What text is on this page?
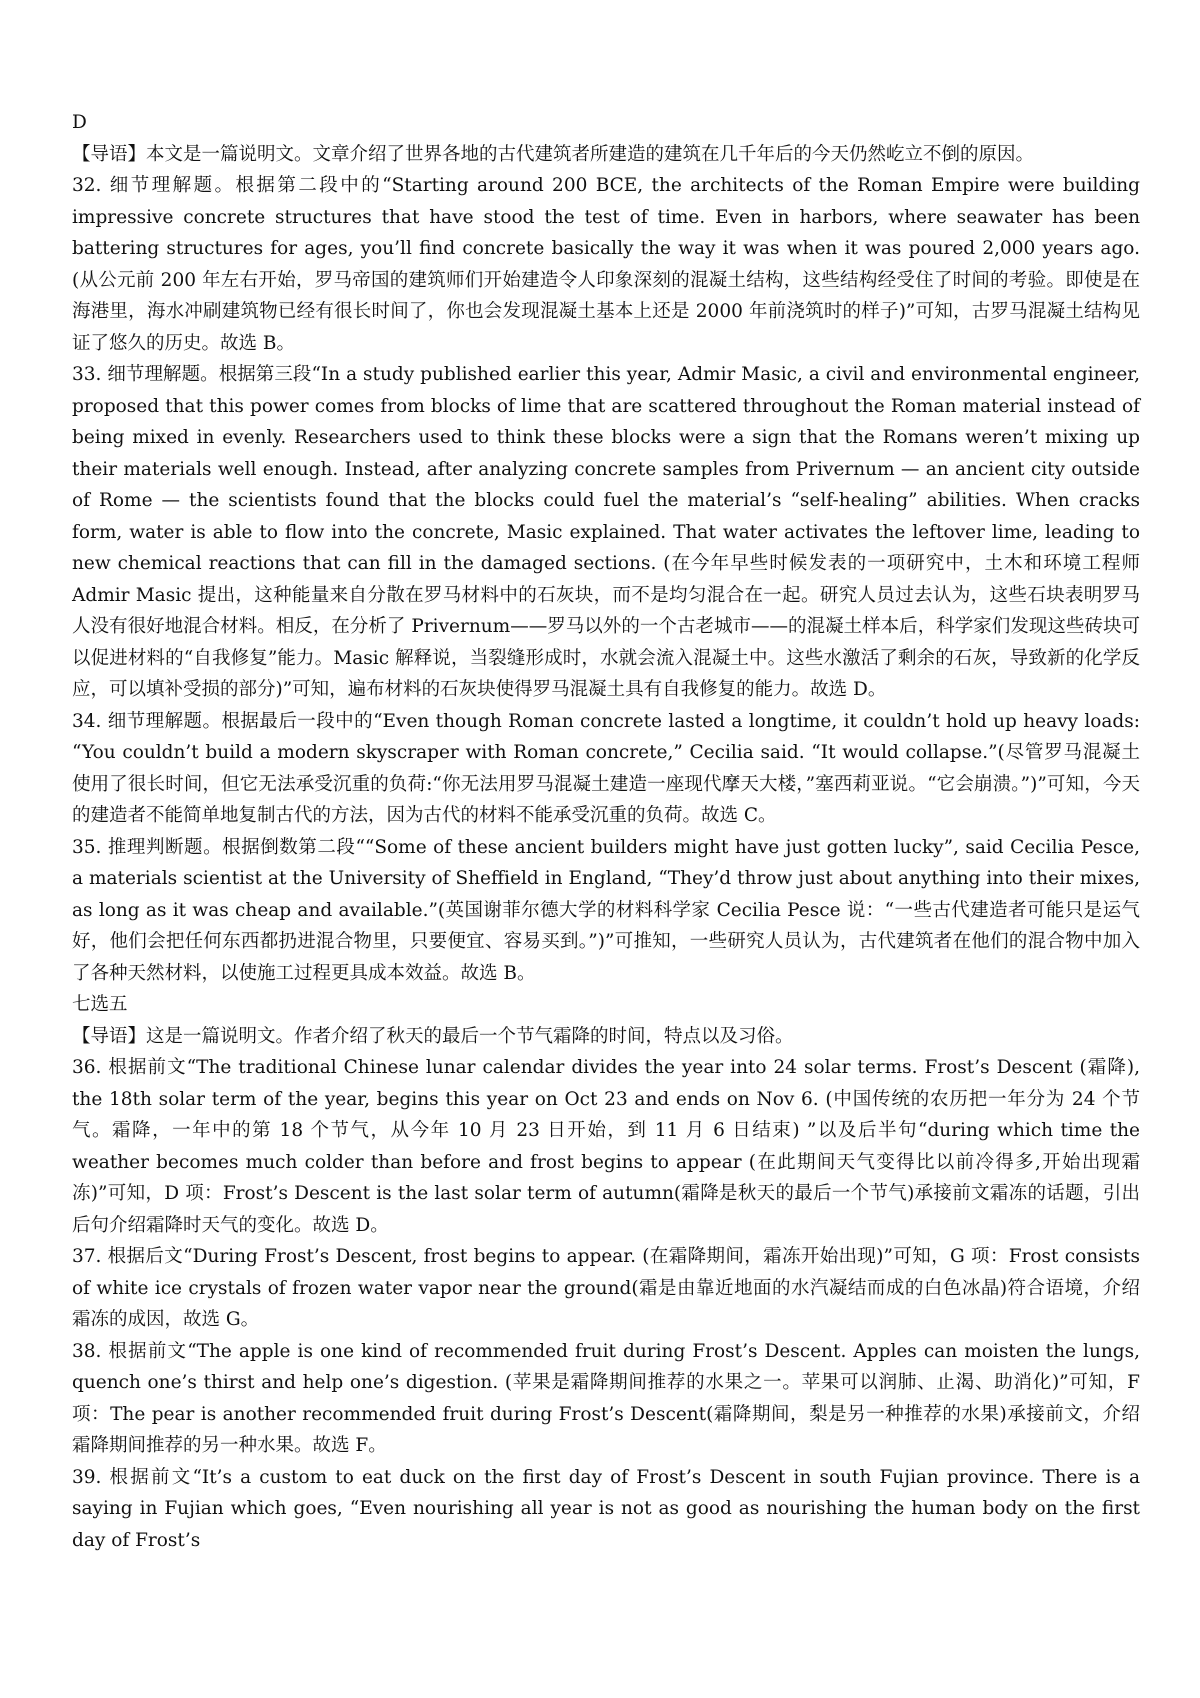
D

【导语】本文是一篇说明文。文章介绍了世界各地的古代建筑者所建造的建筑在几千年后的今天仍然屹立不倒的原因。

32. 细节理解题。根据第二段中的“Starting around 200 BCE, the architects of the Roman Empire were building impressive concrete structures that have stood the test of time. Even in harbors, where seawater has been battering structures for ages, you’ll find concrete basically the way it was when it was poured 2,000 years ago.(从公元前 200 年左右开始，罗马帝国的建筑师们开始建造令人印象深刻的混凝土结构，这些结构经受住了时间的考验。即使是在海港里，海水冲刷建筑物已经有很长时间了，你也会发现混凝土基本上还是 2000 年前浇筑时的样子)”可知，古罗马混凝土结构见证了悠久的历史。故选 B。

33. 细节理解题。根据第三段“In a study published earlier this year, Admir Masic, a civil and environmental engineer, proposed that this power comes from blocks of lime that are scattered throughout the Roman material instead of being mixed in evenly. Researchers used to think these blocks were a sign that the Romans weren’t mixing up their materials well enough. Instead, after analyzing concrete samples from Privernum — an ancient city outside of Rome — the scientists found that the blocks could fuel the material’s “self-healing” abilities. When cracks form, water is able to flow into the concrete, Masic explained. That water activates the leftover lime, leading to new chemical reactions that can fill in the damaged sections. (在今年早些时候发表的一项研究中，土木和环境工程师 Admir Masic 提出，这种能量来自分散在罗马材料中的石灰块，而不是均匀混合在一起。研究人员过去认为，这些石块表明罗马人没有很好地混合材料。相反，在分析了 Privernum——罗马以外的一个古老城市——的混凝土样本后，科学家们发现这些砖块可以促进材料的“自我修复”能力。Masic 解释说，当裂缝形成时，水就会流入混凝土中。这些水激活了剩余的石灰，导致新的化学反应，可以填补受损的部分)”可知，遍布材料的石灰块使得罗马混凝土具有自我修复的能力。故选 D。

34. 细节理解题。根据最后一段中的“Even though Roman concrete lasted a longtime, it couldn’t hold up heavy loads: “You couldn’t build a modern skyscraper with Roman concrete,” Cecilia said. “It would collapse.”(尽管罗马混凝土使用了很长时间，但它无法承受沉重的负荷:“你无法用罗马混凝土建造一座现代摩天大楼，”塞西莉亚说。“它会崩溃。”)”可知，今天的建造者不能简单地复制古代的方法，因为古代的材料不能承受沉重的负荷。故选 C。

35. 推理判断题。根据倒数第二段““Some of these ancient builders might have just gotten lucky”, said Cecilia Pesce, a materials scientist at the University of Sheffield in England, “They’d throw just about anything into their mixes, as long as it was cheap and available.”(英国谢菲尔德大学的材料科学家 Cecilia Pesce 说：“一些古代建造者可能只是运气好，他们会把任何东西都扔进混合物里，只要便宜、容易买到。”)”可推知，一些研究人员认为，古代建筑者在他们的混合物中加入了各种天然材料，以使施工过程更具成本效益。故选 B。

七选五

【导语】这是一篇说明文。作者介绍了秋天的最后一个节气霜降的时间，特点以及习俗。

36. 根据前文“The traditional Chinese lunar calendar divides the year into 24 solar terms. Frost’s Descent (霜降), the 18th solar term of the year, begins this year on Oct 23 and ends on Nov 6. (中国传统的农历把一年分为 24 个节气。霜降，一年中的第 18 个节气，从今年 10 月 23 日开始，到 11 月 6 日结束) ”以及后半句“during which time the weather becomes much colder than before and frost begins to appear (在此期间天气变得比以前冷得多,开始出现霜冻)”可知，D 项：Frost’s Descent is the last solar term of autumn(霜降是秋天的最后一个节气)承接前文霜冻的话题，引出后句介绍霜降时天气的变化。故选 D。

37. 根据后文“During Frost’s Descent, frost begins to appear. (在霜降期间，霜冻开始出现)”可知，G 项：Frost consists of white ice crystals of frozen water vapor near the ground(霜是由靠近地面的水汽凝结而成的白色冰晶)符合语境，介绍霜冻的成因，故选 G。

38. 根据前文“The apple is one kind of recommended fruit during Frost’s Descent. Apples can moisten the lungs, quench one’s thirst and help one’s digestion. (苹果是霜降期间推荐的水果之一。苹果可以润肺、止渴、助消化)”可知，F 项：The pear is another recommended fruit during Frost’s Descent(霜降期间，梨是另一种推荐的水果)承接前文，介绍霜降期间推荐的另一种水果。故选 F。

39. 根据前文“It’s a custom to eat duck on the first day of Frost’s Descent in south Fujian province. There is a saying in Fujian which goes, “Even nourishing all year is not as good as nourishing the human body on the first day of Frost’s
